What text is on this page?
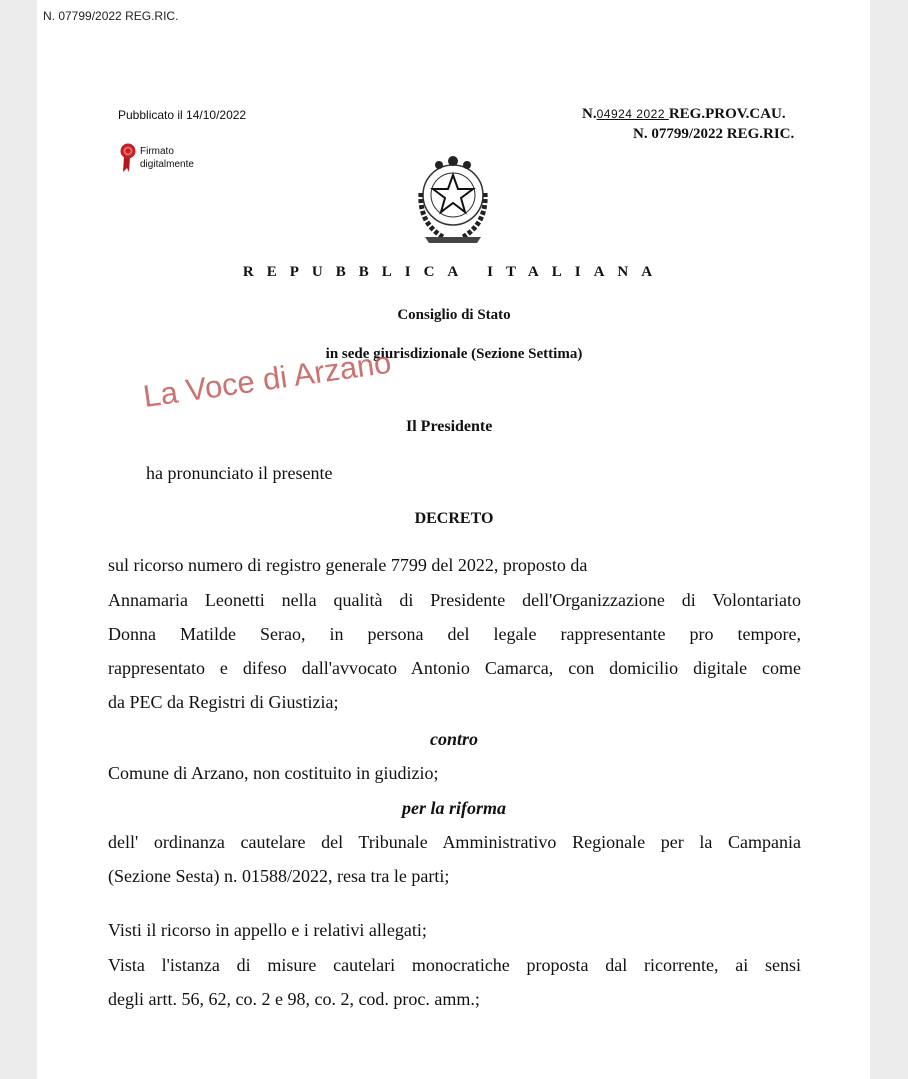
N. 07799/2022 REG.RIC.
Pubblicato il 14/10/2022	N.04924 2022 REG.PROV.CAU.
N. 07799/2022 REG.RIC.
Firmato
digitalmente
REPUBBLICA ITALIANA
Consiglio di Stato
in sede giurisdizionale (Sezione Settima)
La Voce di Arzano
Il Presidente
ha pronunciato il presente
DECRETO
sul ricorso numero di registro generale 7799 del 2022, proposto da
Annamaria Leonetti nella qualità di Presidente dell'Organizzazione di Volontariato
Donna Matilde Serao, in persona del legale rappresentante pro tempore,
rappresentato e difeso dall'avvocato Antonio Camarca, con domicilio digitale come
da PEC da Registri di Giustizia;
contro
Comune di Arzano, non costituito in giudizio;
per la riforma
dell' ordinanza cautelare del Tribunale Amministrativo Regionale per la Campania
(Sezione Sesta) n. 01588/2022, resa tra le parti;
Visti il ricorso in appello e i relativi allegati;
Vista l'istanza di misure cautelari monocratiche proposta dal ricorrente, ai sensi
degli artt. 56, 62, co. 2 e 98, co. 2, cod. proc. amm.;
